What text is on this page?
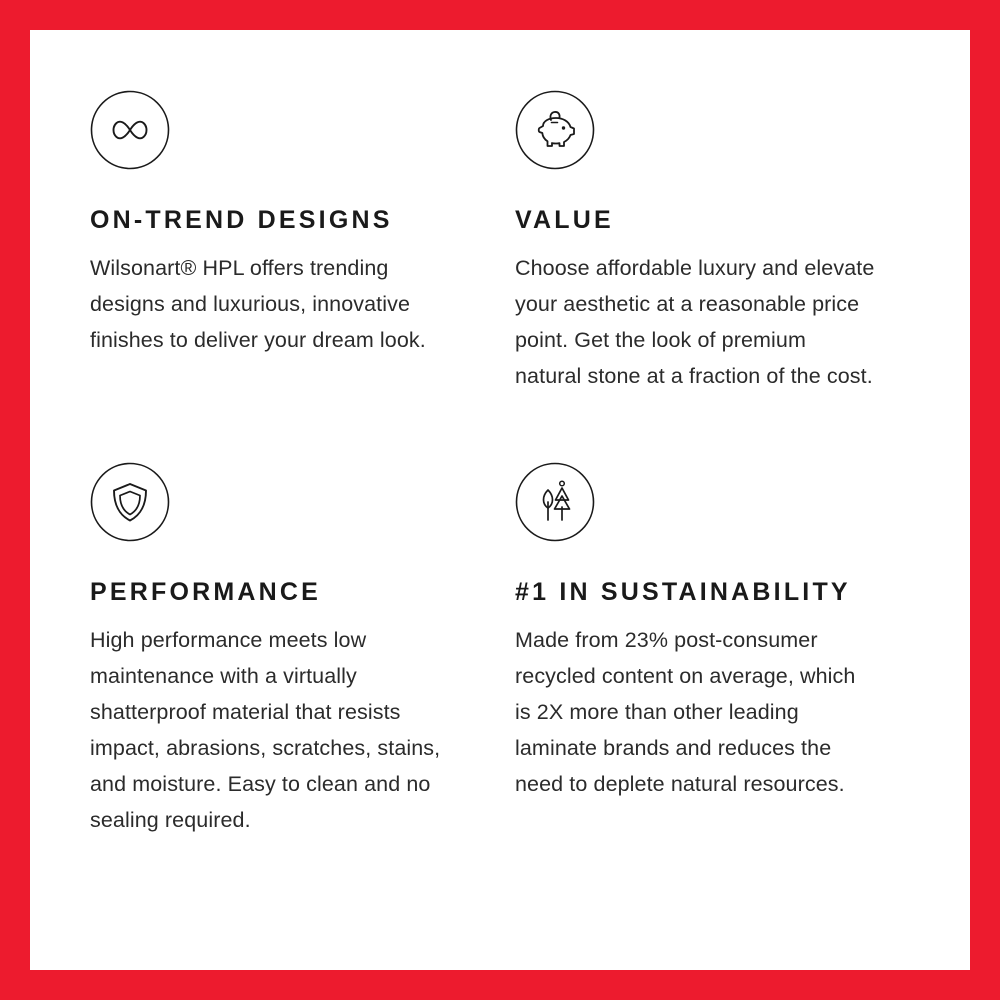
ON-TREND DESIGNS

Wilsonart® HPL offers trending designs and luxurious, innovative finishes to deliver your dream look.

VALUE

Choose affordable luxury and elevate your aesthetic at a reasonable price point. Get the look of premium natural stone at a fraction of the cost.

PERFORMANCE

High performance meets low maintenance with a virtually shatterproof material that resists impact, abrasions, scratches, stains, and moisture. Easy to clean and no sealing required.

#1 IN SUSTAINABILITY

Made from 23% post-consumer recycled content on average, which is 2X more than other leading laminate brands and reduces the need to deplete natural resources.
